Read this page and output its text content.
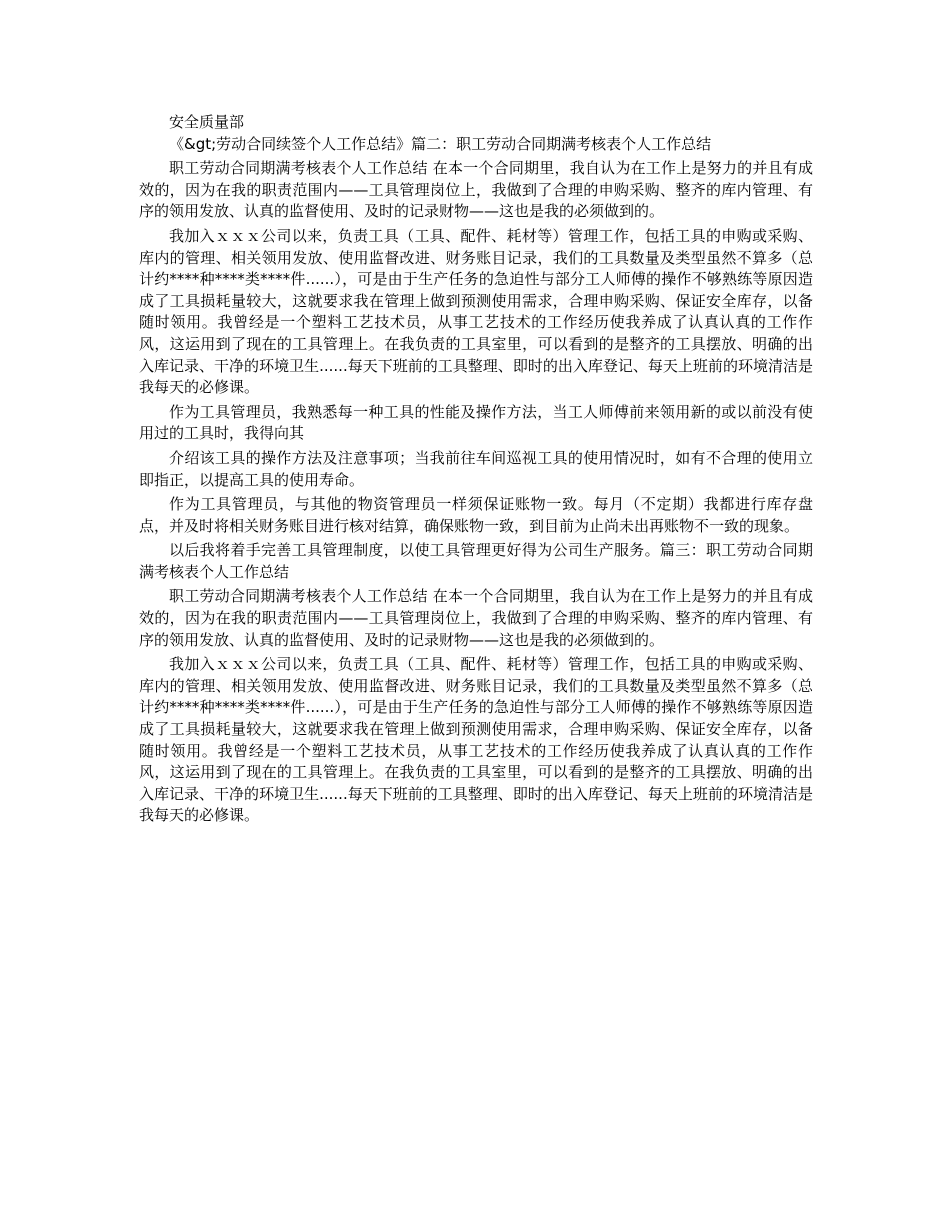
安全质量部

《&gt;劳动合同续签个人工作总结》篇二：职工劳动合同期满考核表个人工作总结

职工劳动合同期满考核表个人工作总结 在本一个合同期里，我自认为在工作上是努力的并且有成效的，因为在我的职责范围内——工具管理岗位上，我做到了合理的申购采购、整齐的库内管理、有序的领用发放、认真的监督使用、及时的记录财物——这也是我的必须做到的。

我加入ｘｘｘ公司以来，负责工具（工具、配件、耗材等）管理工作，包括工具的申购或采购、库内的管理、相关领用发放、使用监督改进、财务账目记录，我们的工具数量及类型虽然不算多（总计约****种****类****件......），可是由于生产任务的急迫性与部分工人师傅的操作不够熟练等原因造成了工具损耗量较大，这就要求我在管理上做到预测使用需求，合理申购采购、保证安全库存，以备随时领用。我曾经是一个塑料工艺技术员，从事工艺技术的工作经历使我养成了认真认真的工作作风，这运用到了现在的工具管理上。在我负责的工具室里，可以看到的是整齐的工具摆放、明确的出入库记录、干净的环境卫生......每天下班前的工具整理、即时的出入库登记、每天上班前的环境清洁是我每天的必修课。

作为工具管理员，我熟悉每一种工具的性能及操作方法，当工人师傅前来领用新的或以前没有使用过的工具时，我得向其

介绍该工具的操作方法及注意事项；当我前往车间巡视工具的使用情况时，如有不合理的使用立即指正，以提高工具的使用寿命。

作为工具管理员，与其他的物资管理员一样须保证账物一致。每月（不定期）我都进行库存盘点，并及时将相关财务账目进行核对结算，确保账物一致，到目前为止尚未出再账物不一致的现象。

以后我将着手完善工具管理制度，以使工具管理更好得为公司生产服务。篇三：职工劳动合同期满考核表个人工作总结

职工劳动合同期满考核表个人工作总结 在本一个合同期里，我自认为在工作上是努力的并且有成效的，因为在我的职责范围内——工具管理岗位上，我做到了合理的申购采购、整齐的库内管理、有序的领用发放、认真的监督使用、及时的记录财物——这也是我的必须做到的。

我加入ｘｘｘ公司以来，负责工具（工具、配件、耗材等）管理工作，包括工具的申购或采购、库内的管理、相关领用发放、使用监督改进、财务账目记录，我们的工具数量及类型虽然不算多（总计约****种****类****件......），可是由于生产任务的急迫性与部分工人师傅的操作不够熟练等原因造成了工具损耗量较大，这就要求我在管理上做到预测使用需求，合理申购采购、保证安全库存，以备随时领用。我曾经是一个塑料工艺技术员，从事工艺技术的工作经历使我养成了认真认真的工作作风，这运用到了现在的工具管理上。在我负责的工具室里，可以看到的是整齐的工具摆放、明确的出入库记录、干净的环境卫生......每天下班前的工具整理、即时的出入库登记、每天上班前的环境清洁是我每天的必修课。
